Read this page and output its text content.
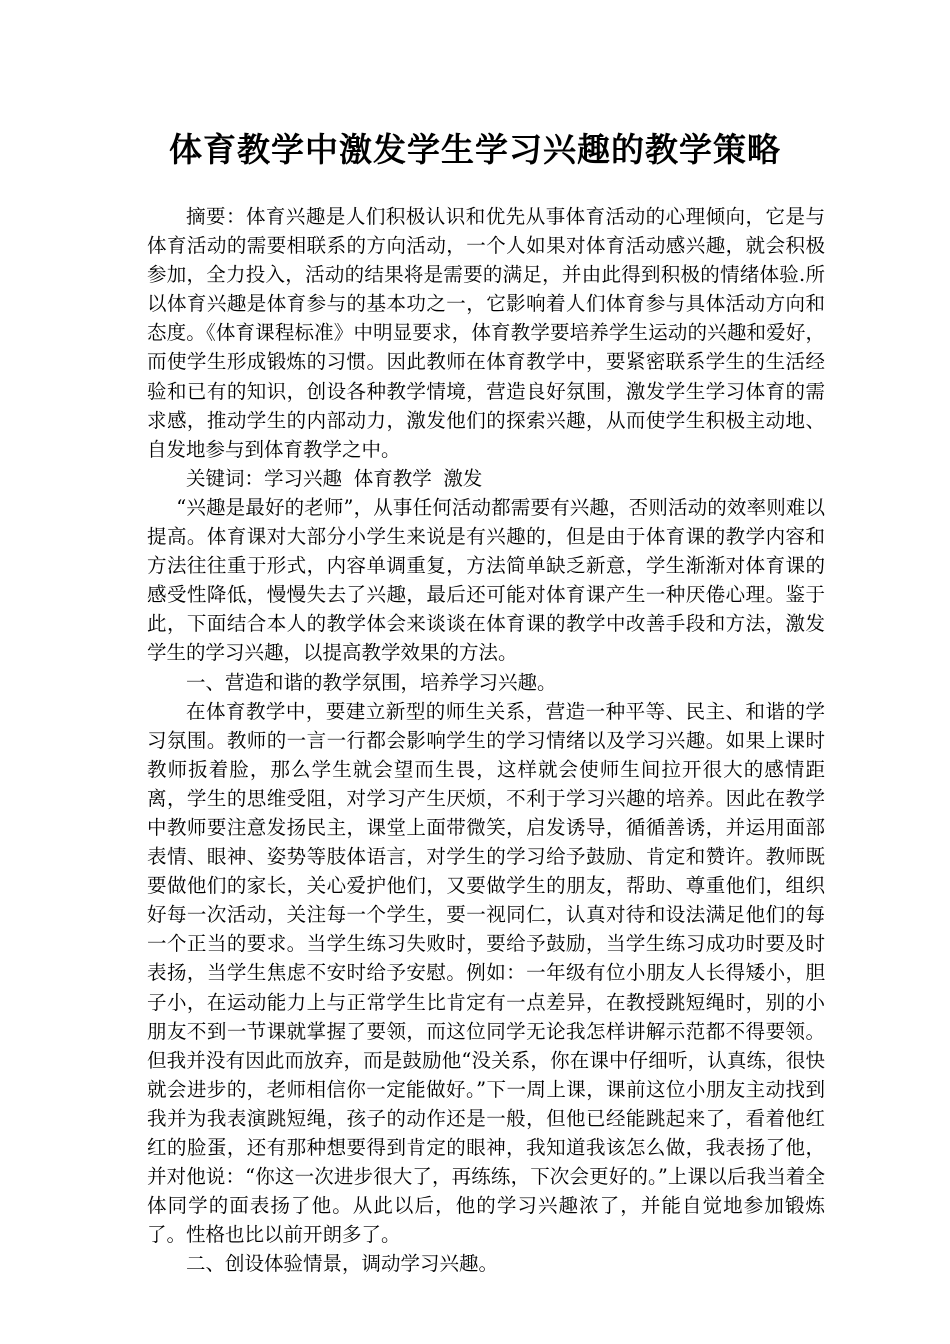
体育教学中激发学生学习兴趣的教学策略

摘要：体育兴趣是人们积极认识和优先从事体育活动的心理倾向，它是与体育活动的需要相联系的方向活动，一个人如果对体育活动感兴趣，就会积极参加，全力投入，活动的结果将是需要的满足，并由此得到积极的情绪体验.所以体育兴趣是体育参与的基本功之一，它影响着人们体育参与具体活动方向和态度。《体育课程标准》中明显要求，体育教学要培养学生运动的兴趣和爱好，而使学生形成锻炼的习惯。因此教师在体育教学中，要紧密联系学生的生活经验和已有的知识，创设各种教学情境，营造良好氛围，激发学生学习体育的需求感，推动学生的内部动力，激发他们的探索兴趣，从而使学生积极主动地、自发地参与到体育教学之中。

关键词：学习兴趣 体育教学 激发

“兴趣是最好的老师”，从事任何活动都需要有兴趣，否则活动的效率则难以提高。体育课对大部分小学生来说是有兴趣的，但是由于体育课的教学内容和方法往往重于形式，内容单调重复，方法简单缺乏新意，学生渐渐对体育课的感受性降低，慢慢失去了兴趣，最后还可能对体育课产生一种厌倦心理。鉴于此，下面结合本人的教学体会来谈谈在体育课的教学中改善手段和方法，激发学生的学习兴趣，以提高教学效果的方法。

一、营造和谐的教学氛围，培养学习兴趣。

在体育教学中，要建立新型的师生关系，营造一种平等、民主、和谐的学习氛围。教师的一言一行都会影响学生的学习情绪以及学习兴趣。如果上课时教师扳着脸，那么学生就会望而生畏，这样就会使师生间拉开很大的感情距离，学生的思维受阻，对学习产生厌烦，不利于学习兴趣的培养。因此在教学中教师要注意发扬民主，课堂上面带微笑，启发诱导，循循善诱，并运用面部表情、眼神、姿势等肢体语言，对学生的学习给予鼓励、肯定和赞许。教师既要做他们的家长，关心爱护他们，又要做学生的朋友，帮助、尊重他们，组织好每一次活动，关注每一个学生，要一视同仁，认真对待和设法满足他们的每一个正当的要求。当学生练习失败时，要给予鼓励，当学生练习成功时要及时表扬，当学生焦虑不安时给予安慰。例如：一年级有位小朋友人长得矮小，胆子小，在运动能力上与正常学生比肯定有一点差异，在教授跳短绳时，别的小朋友不到一节课就掌握了要领，而这位同学无论我怎样讲解示范都不得要领。但我并没有因此而放弃，而是鼓励他“没关系，你在课中仔细听，认真练，很快就会进步的，老师相信你一定能做好。”下一周上课，课前这位小朋友主动找到我并为我表演跳短绳，孩子的动作还是一般，但他已经能跳起来了，看着他红红的脸蛋，还有那种想要得到肯定的眼神，我知道我该怎么做，我表扬了他，并对他说：“你这一次进步很大了，再练练，下次会更好的。”上课以后我当着全体同学的面表扬了他。从此以后，他的学习兴趣浓了，并能自觉地参加锻炼了。性格也比以前开朗多了。

二、创设体验情景，调动学习兴趣。
